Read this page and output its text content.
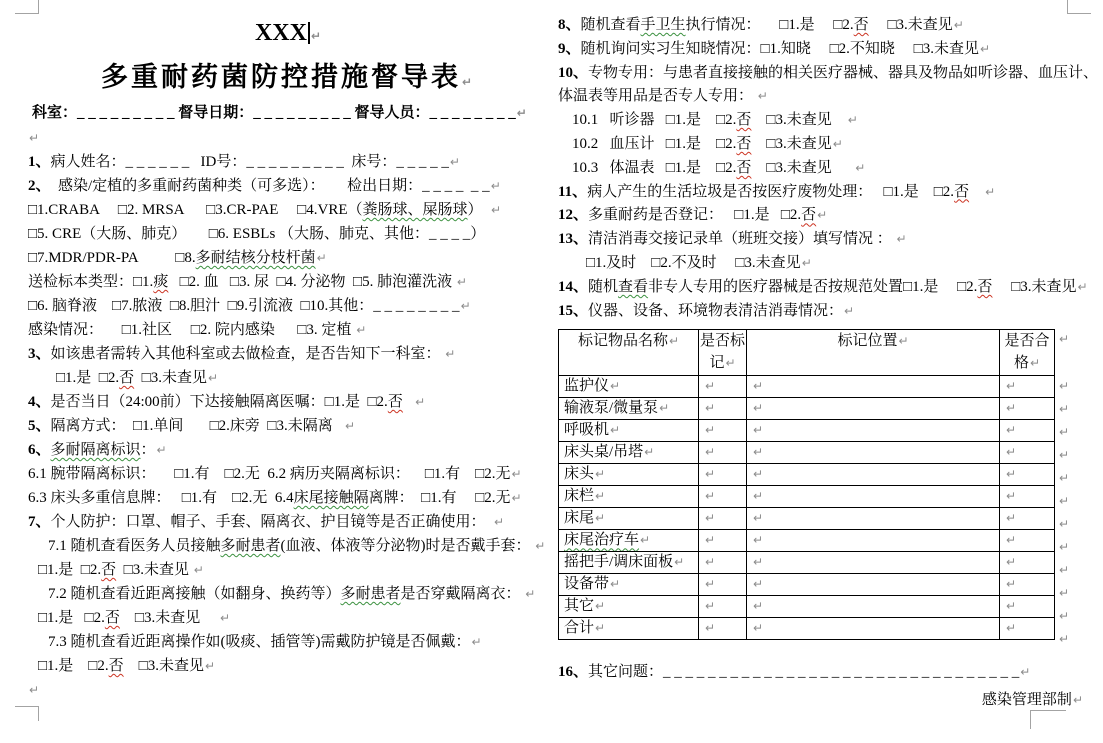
XXX ↵
多重耐药菌防控措施督导表↵
科室：_ _ _ _ _ _ _ _ _ 督导日期：_ _ _ _ _ _ _ _ _ 督导人员：_ _ _ _ _ _ _ _↵
↵
1、病人姓名：_ _ _ _ _ _   ID号：_ _ _ _ _ _ _ _ _  床号：_ _ _ _ _↵
2、  感染/定植的多重耐药菌种类（可多选）：      检出日期：_ _ _ _  _ _↵
□1.CRABA     □2. MRSA      □3.CR-PAE     □4.VRE（粪肠球、屎肠球）  ↵
□5. CRE（大肠、肺克）      □6. ESBLs （大肠、肺克、其他：_ _ _ _）
□7.MDR/PDR-PA          □8.多耐结核分枝杆菌↵
送检标本类型：□1.痰   □2. 血   □3. 尿  □4. 分泌物  □5. 肺泡灌洗液 ↵
□6. 脑脊液    □7.脓液  □8.胆汁  □9.引流液  □10.其他：_ _ _ _ _ _ _ _↵
感染情况：     □1.社区     □2. 院内感染      □3. 定植 ↵
3、如该患者需转入其他科室或去做检查，是否告知下一科室： ↵
□1.是  □2.否  □3.未查见↵
4、是否当日（24:00前）下达接触隔离医嘱：□1.是  □2.否 ↵
5、隔离方式：  □1.单间       □2.床旁  □3.未隔离   ↵
6、多耐隔离标识：↵
6.1 腕带隔离标识：     □1.有    □2.无  6.2 病历夹隔离标识：    □1.有    □2.无↵
6.3 床头多重信息牌：   □1.有    □2.无  6.4床尾接触隔离牌：  □1.有     □2.无↵
7、个人防护：口罩、帽子、手套、隔离衣、护目镜等是否正确使用：  ↵
7.1 随机查看医务人员接触多耐患者(血液、体液等分泌物)时是否戴手套： ↵
□1.是  □2.否  □3.未查见 ↵
7.2 随机查看近距离接触（如翻身、换药等）多耐患者是否穿戴隔离衣： ↵
□1.是   □2.否    □3.未查见     ↵
7.3 随机查看近距离操作如(吸痰、插管等)需戴防护镜是否佩戴：↵
□1.是    □2.否    □3.未查见↵
↵
8、随机查看手卫生执行情况：     □1.是     □2.否     □3.未查见↵
9、随机询问实习生知晓情况：□1.知晓     □2.不知晓     □3.未查见↵
10、专物专用：与患者直接接触的相关医疗器械、器具及物品如听诊器、血压计、
体温表等用品是否专人专用： ↵
10.1   听诊器   □1.是    □2.否    □3.未查见    ↵
10.2   血压计   □1.是    □2.否    □3.未查见↵
10.3   体温表   □1.是    □2.否    □3.未查见      ↵
11、病人产生的生活垃圾是否按医疗废物处理：   □1.是    □2.否 ↵
12、多重耐药是否登记：   □1.是   □2.否↵
13、清洁消毒交接记录单（班班交接）填写情况 ： ↵
□1.及时    □2.不及时     □3.未查见↵
14、随机查看非专人专用的医疗器械是否按规范处置□1.是     □2.否     □3.未查见↵
15、仪器、设备、环境物表清洁消毒情况：↵
标记物品名称↵	是否标记↵	标记位置↵	是否合格↵
监护仪↵	↵	↵	↵
输液泵/微量泵↵	↵	↵	↵
呼吸机↵	↵	↵	↵
床头桌/吊塔↵	↵	↵	↵
床头↵	↵	↵	↵
床栏↵	↵	↵	↵
床尾↵	↵	↵	↵
床尾治疗车↵	↵	↵	↵
摇把手/调床面板↵	↵	↵	↵
设备带↵	↵	↵	↵
其它↵	↵	↵	↵
合计↵	↵	↵	↵
↵
↵
↵
↵
↵
↵
↵
↵
↵
↵
↵
↵
↵
16、其它问题：_ _ _ _ _ _ _ _ _ _ _ _ _ _ _ _ _ _ _ _ _ _ _ _ _ _ _ _ _ _ _ _↵
感染管理部制↵
